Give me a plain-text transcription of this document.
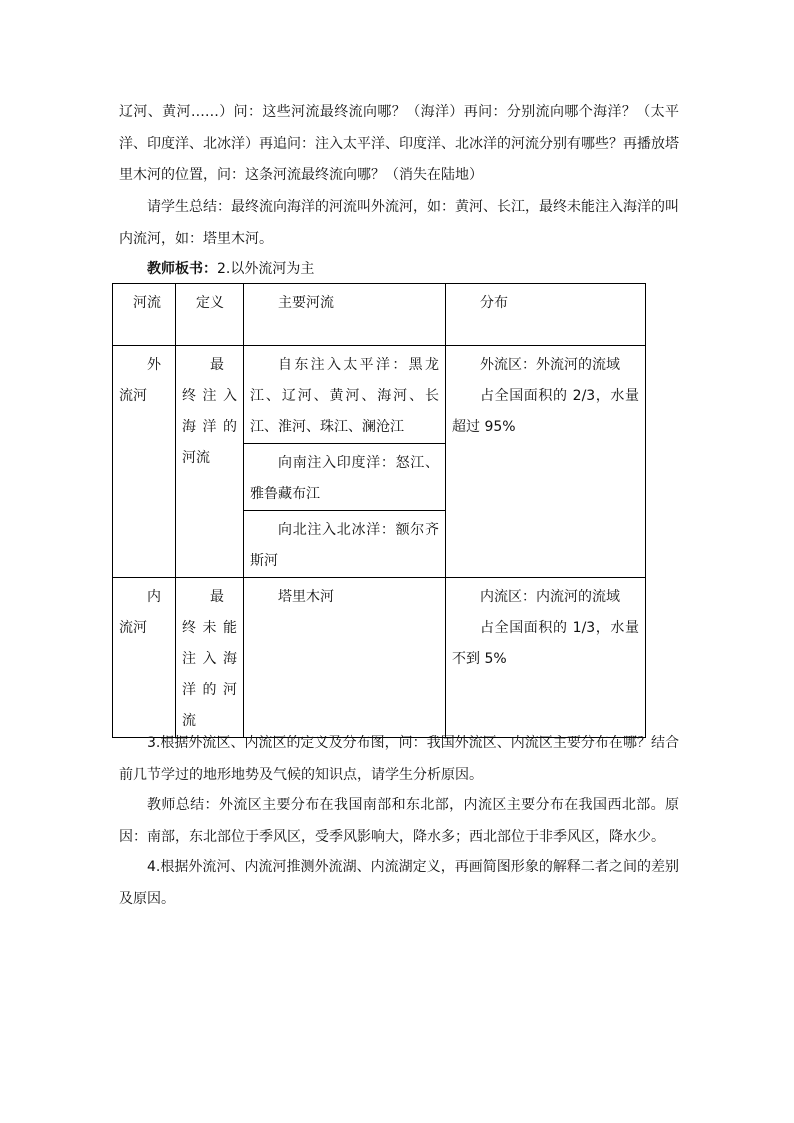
辽河、黄河……）问：这些河流最终流向哪？（海洋）再问：分别流向哪个海洋？（太平洋、印度洋、北冰洋）再追问：注入太平洋、印度洋、北冰洋的河流分别有哪些？再播放塔里木河的位置，问：这条河流最终流向哪？（消失在陆地）

请学生总结：最终流向海洋的河流叫外流河，如：黄河、长江，最终未能注入海洋的叫内流河，如：塔里木河。

教师板书：2.以外流河为主
河流	定义	主要河流	分布

外流河	最终注入海洋的河流	自东注入太平洋：黑龙江、辽河、黄河、海河、长江、淮河、珠江、澜沧江	外流区：外流河的流域
占全国面积的 2/3，水量超过 95%

		向南注入印度洋：怒江、雅鲁藏布江	

		向北注入北冰洋：额尔齐斯河	

内流河	最终未能注入海洋的河流	塔里木河	内流区：内流河的流域
占全国面积的 1/3，水量不到 5%

3.根据外流区、内流区的定义及分布图，问：我国外流区、内流区主要分布在哪？结合前几节学过的地形地势及气候的知识点，请学生分析原因。

教师总结：外流区主要分布在我国南部和东北部，内流区主要分布在我国西北部。原因：南部，东北部位于季风区，受季风影响大，降水多；西北部位于非季风区，降水少。

4.根据外流河、内流河推测外流湖、内流湖定义，再画简图形象的解释二者之间的差别及原因。
